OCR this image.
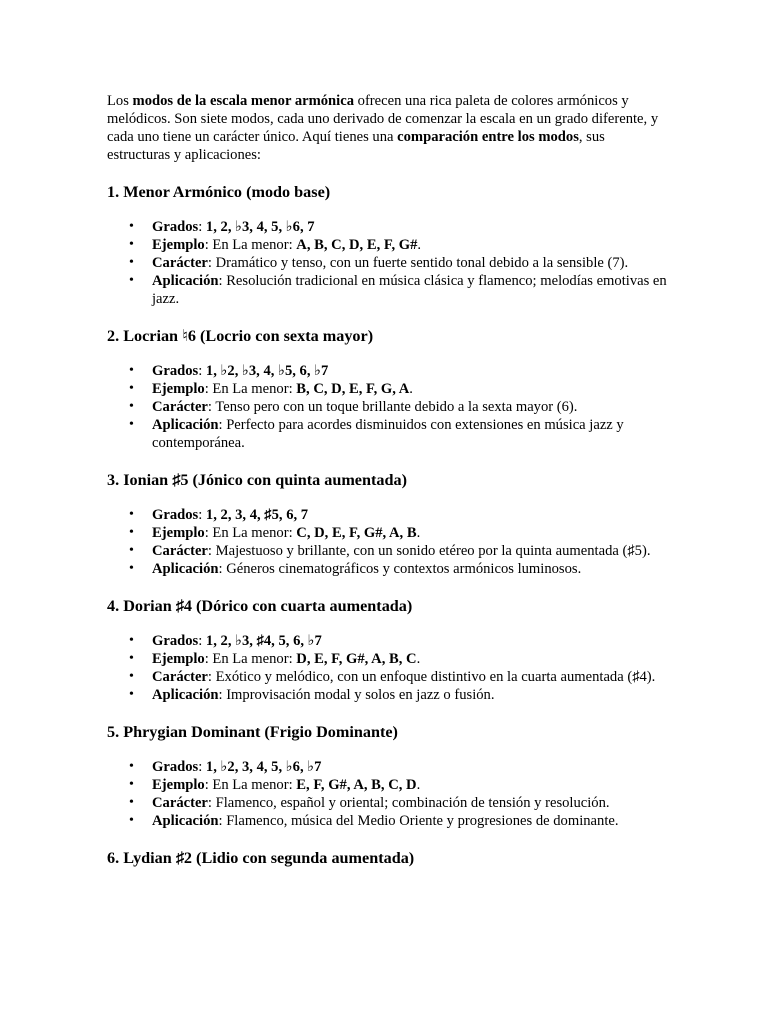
Los modos de la escala menor armónica ofrecen una rica paleta de colores armónicos y melódicos. Son siete modos, cada uno derivado de comenzar la escala en un grado diferente, y cada uno tiene un carácter único. Aquí tienes una comparación entre los modos, sus estructuras y aplicaciones:

1. Menor Armónico (modo base)
• Grados: 1, 2, ♭3, 4, 5, ♭6, 7
• Ejemplo: En La menor: A, B, C, D, E, F, G#.
• Carácter: Dramático y tenso, con un fuerte sentido tonal debido a la sensible (7).
• Aplicación: Resolución tradicional en música clásica y flamenco; melodías emotivas en jazz.
2. Locrian ♮6 (Locrio con sexta mayor)
• Grados: 1, ♭2, ♭3, 4, ♭5, 6, ♭7
• Ejemplo: En La menor: B, C, D, E, F, G, A.
• Carácter: Tenso pero con un toque brillante debido a la sexta mayor (6).
• Aplicación: Perfecto para acordes disminuidos con extensiones en música jazz y contemporánea.
3. Ionian ♯5 (Jónico con quinta aumentada)
• Grados: 1, 2, 3, 4, ♯5, 6, 7
• Ejemplo: En La menor: C, D, E, F, G#, A, B.
• Carácter: Majestuoso y brillante, con un sonido etéreo por la quinta aumentada (♯5).
• Aplicación: Géneros cinematográficos y contextos armónicos luminosos.
4. Dorian ♯4 (Dórico con cuarta aumentada)
• Grados: 1, 2, ♭3, ♯4, 5, 6, ♭7
• Ejemplo: En La menor: D, E, F, G#, A, B, C.
• Carácter: Exótico y melódico, con un enfoque distintivo en la cuarta aumentada (♯4).
• Aplicación: Improvisación modal y solos en jazz o fusión.
5. Phrygian Dominant (Frigio Dominante)
• Grados: 1, ♭2, 3, 4, 5, ♭6, ♭7
• Ejemplo: En La menor: E, F, G#, A, B, C, D.
• Carácter: Flamenco, español y oriental; combinación de tensión y resolución.
• Aplicación: Flamenco, música del Medio Oriente y progresiones de dominante.
6. Lydian ♯2 (Lidio con segunda aumentada)
